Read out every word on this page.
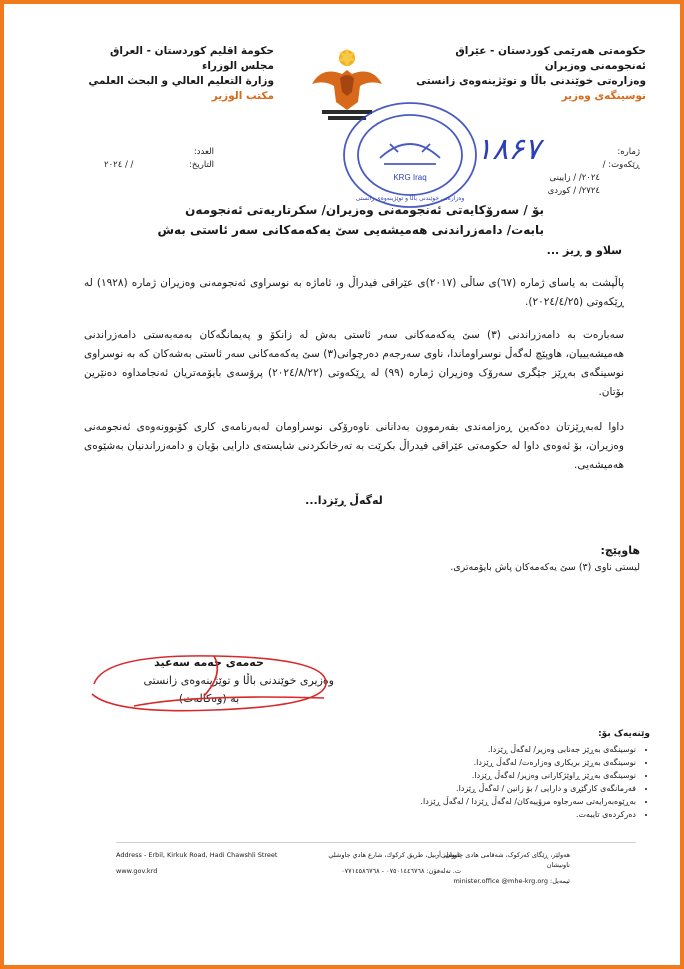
حکومەتی هەرێمی کوردستان - عێراق
ئەنجومەنی وەزیران
وەزارەتی خوێندنی باڵا و توێژینەوەی زانستی
نوسینگەی وەزیر
حكومة اقليم كوردستان - العراق
مجلس الوزراء
وزارة التعليم العالي و البحث العلمي
مكتب الوزير
KRG Iraq
وەزارەتی خوێندنی باڵا و توێژینەوەی زانستی
ژمارە:
ڕێکەوت: /
۲۰۲٤/ / زایینی
۲۷۲٤/ / کوردی
۱۸۶۷
العدد:
التاريخ:
/ / ۲۰۲٤
بۆ / سەرۆکایەتی ئەنجومەنی وەزیران/ سکرتاریەتی ئەنجومەن
بابەت/ دامەزراندنی هەمیشەیی سێ یەکەمەکانی سەر ئاستی بەش
سلاو و ڕیز ...
پاڵپشت بە یاسای ژمارە (٦٧)ی ساڵی (٢٠١٧)ی عێراقی فیدراڵ و، ئاماژە بە نوسراوی ئەنجومەنی وەزیران ژمارە (١٩٢٨) لە ڕێکەوتی (٢٠٢٤/٤/٢٥).
سەبارەت بە دامەزراندنی (٣) سێ یەکەمەکانی سەر ئاستی بەش لە زانکۆ و پەیمانگەکان بەمەبەستی دامەزراندنی هەمیشەیییان، هاوپێچ لەگەڵ نوسراوماندا، ناوی سەرجەم دەرچوانی(٣) سێ یەکەمەکانی سەر ئاستی بەشەکان کە بە نوسراوی نوسینگەی بەڕێز جێگری سەرۆک وەزیران ژمارە (٩٩) لە ڕێکەوتی (٢٠٢٤/٨/٢٢) پرۆسەی بایۆمەتریان ئەنجامداوە دەنێرین بۆتان.
داوا لەبەڕێزتان دەکەین ڕەزامەندی بفەرموون بەدانانی ناوەرۆکی نوسراومان لەبەرنامەی کاری کۆبوونەوەی ئەنجومەنی وەزیران، بۆ ئەوەی داوا لە حکومەتی عێراقی فیدراڵ بکرێت بە تەرخانکردنی شایستەی دارایی بۆیان و دامەزراندنیان بەشێوەی هەمیشەیی.
لەگەڵ ڕێزدا...
هاوپێچ:
لیستی ناوی (٣) سێ یەکەمەکان پاش بایۆمەتری.
حەمەی حەمە سەعید
وەزیری خوێندنی باڵا و توێژینەوەی زانستی
بە (وەکالەت)
وێنەیەک بۆ:
• نوسینگەی بەڕێز جەنابی وەزیر/ لەگەڵ ڕێزدا.
• نوسینگەی بەڕێز بریکاری وەزارەت/ لەگەڵ ڕێزدا.
• نوسینگەی بەڕێز ڕاوێژکارانی وەزیر/ لەگەڵ ڕێزدا.
• فەرمانگەی کارگێڕی و دارایی / بۆ زانین / لەگەڵ ڕێزدا.
• بەڕێوەبەرایەتی سەرجاوە مرۆییەکان/ لەگەڵ ڕێزدا / لەگەڵ ڕێزدا.
• دەرکردەی تایبەت.
Address - Erbil, Kirkuk Road, Hadi Chawshli Street
www.gov.krd
عنوان: أربيل، طريق كركوك، شارع هادي جاوشلي
ت. تەلەفۆن: ٠٧٥٠١٤٤٦٧٦٨ - ٠٧٧١٤٥٨٦٧٦٨
هەولێر، ڕێگای کەرکوک، شەقامی هادی چاوشلی - ناونیشان
minister.office @mhe-krg.org :ئیمەیل
